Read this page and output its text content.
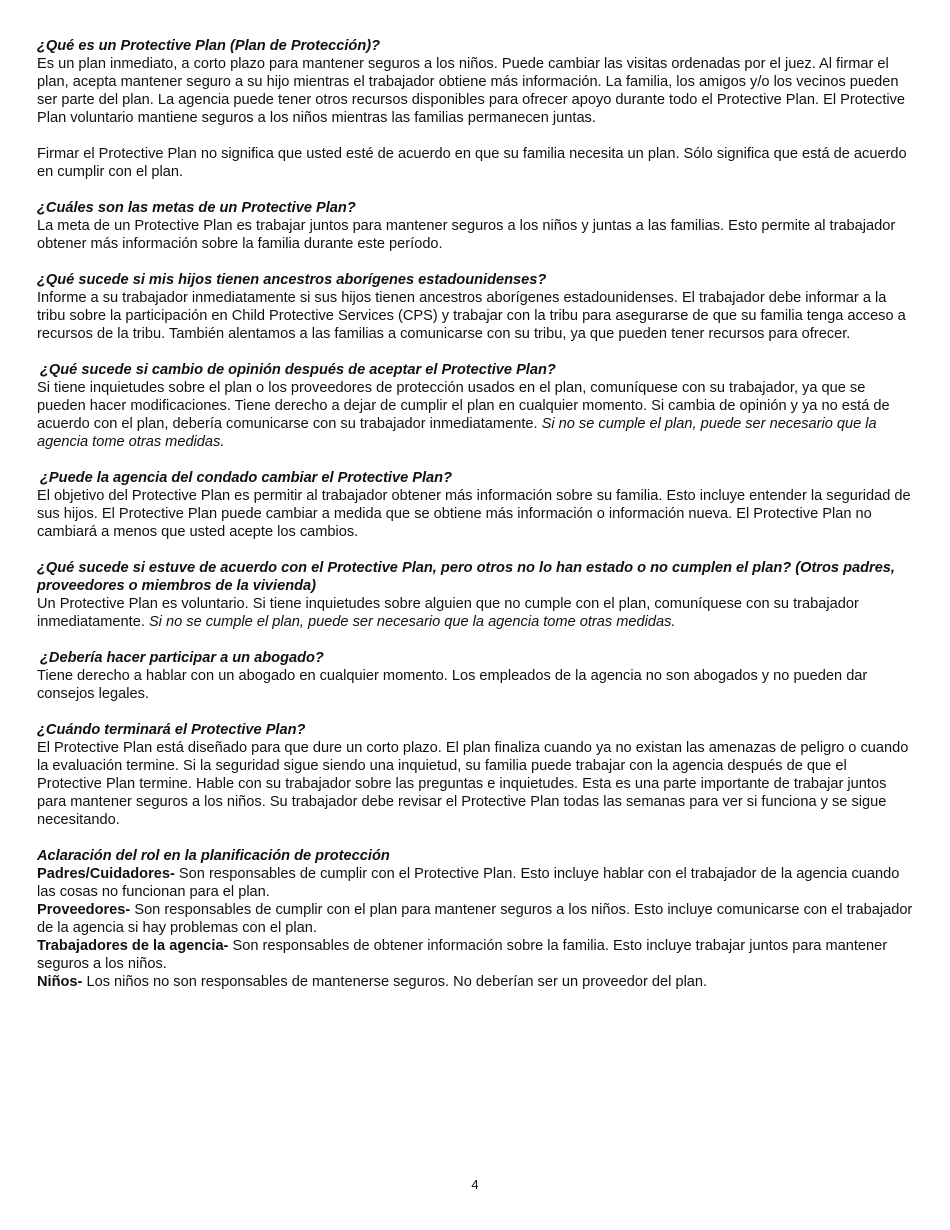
¿Qué es un Protective Plan (Plan de Protección)?
Es un plan inmediato, a corto plazo para mantener seguros a los niños. Puede cambiar las visitas ordenadas por el juez. Al firmar el plan, acepta mantener seguro a su hijo mientras el trabajador obtiene más información. La familia, los amigos y/o los vecinos pueden ser parte del plan. La agencia puede tener otros recursos disponibles para ofrecer apoyo durante todo el Protective Plan. El Protective Plan voluntario mantiene seguros a los niños mientras las familias permanecen juntas.
Firmar el Protective Plan no significa que usted esté de acuerdo en que su familia necesita un plan. Sólo significa que está de acuerdo en cumplir con el plan.
¿Cuáles son las metas de un Protective Plan?
La meta de un Protective Plan es trabajar juntos para mantener seguros a los niños y juntas a las familias. Esto permite al trabajador obtener más información sobre la familia durante este período.
¿Qué sucede si mis hijos tienen ancestros aborígenes estadounidenses?
Informe a su trabajador inmediatamente si sus hijos tienen ancestros aborígenes estadounidenses. El trabajador debe informar a la tribu sobre la participación en Child Protective Services (CPS) y trabajar con la tribu para asegurarse de que su familia tenga acceso a recursos de la tribu. También alentamos a las familias a comunicarse con su tribu, ya que pueden tener recursos para ofrecer.
¿Qué sucede si cambio de opinión después de aceptar el Protective Plan?
Si tiene inquietudes sobre el plan o los proveedores de protección usados en el plan, comuníquese con su trabajador, ya que se pueden hacer modificaciones. Tiene derecho a dejar de cumplir el plan en cualquier momento. Si cambia de opinión y ya no está de acuerdo con el plan, debería comunicarse con su trabajador inmediatamente. Si no se cumple el plan, puede ser necesario que la agencia tome otras medidas.
¿Puede la agencia del condado cambiar el Protective Plan?
El objetivo del Protective Plan es permitir al trabajador obtener más información sobre su familia. Esto incluye entender la seguridad de sus hijos. El Protective Plan puede cambiar a medida que se obtiene más información o información nueva. El Protective Plan no cambiará a menos que usted acepte los cambios.
¿Qué sucede si estuve de acuerdo con el Protective Plan, pero otros no lo han estado o no cumplen el plan? (Otros padres, proveedores o miembros de la vivienda)
Un Protective Plan es voluntario. Si tiene inquietudes sobre alguien que no cumple con el plan, comuníquese con su trabajador inmediatamente. Si no se cumple el plan, puede ser necesario que la agencia tome otras medidas.
¿Debería hacer participar a un abogado?
Tiene derecho a hablar con un abogado en cualquier momento. Los empleados de la agencia no son abogados y no pueden dar consejos legales.
¿Cuándo terminará el Protective Plan?
El Protective Plan está diseñado para que dure un corto plazo. El plan finaliza cuando ya no existan las amenazas de peligro o cuando la evaluación termine. Si la seguridad sigue siendo una inquietud, su familia puede trabajar con la agencia después de que el Protective Plan termine. Hable con su trabajador sobre las preguntas e inquietudes. Esta es una parte importante de trabajar juntos para mantener seguros a los niños. Su trabajador debe revisar el Protective Plan todas las semanas para ver si funciona y se sigue necesitando.
Aclaración del rol en la planificación de protección
Padres/Cuidadores- Son responsables de cumplir con el Protective Plan. Esto incluye hablar con el trabajador de la agencia cuando las cosas no funcionan para el plan.
Proveedores- Son responsables de cumplir con el plan para mantener seguros a los niños. Esto incluye comunicarse con el trabajador de la agencia si hay problemas con el plan.
Trabajadores de la agencia- Son responsables de obtener información sobre la familia. Esto incluye trabajar juntos para mantener seguros a los niños.
Niños- Los niños no son responsables de mantenerse seguros. No deberían ser un proveedor del plan.
4
